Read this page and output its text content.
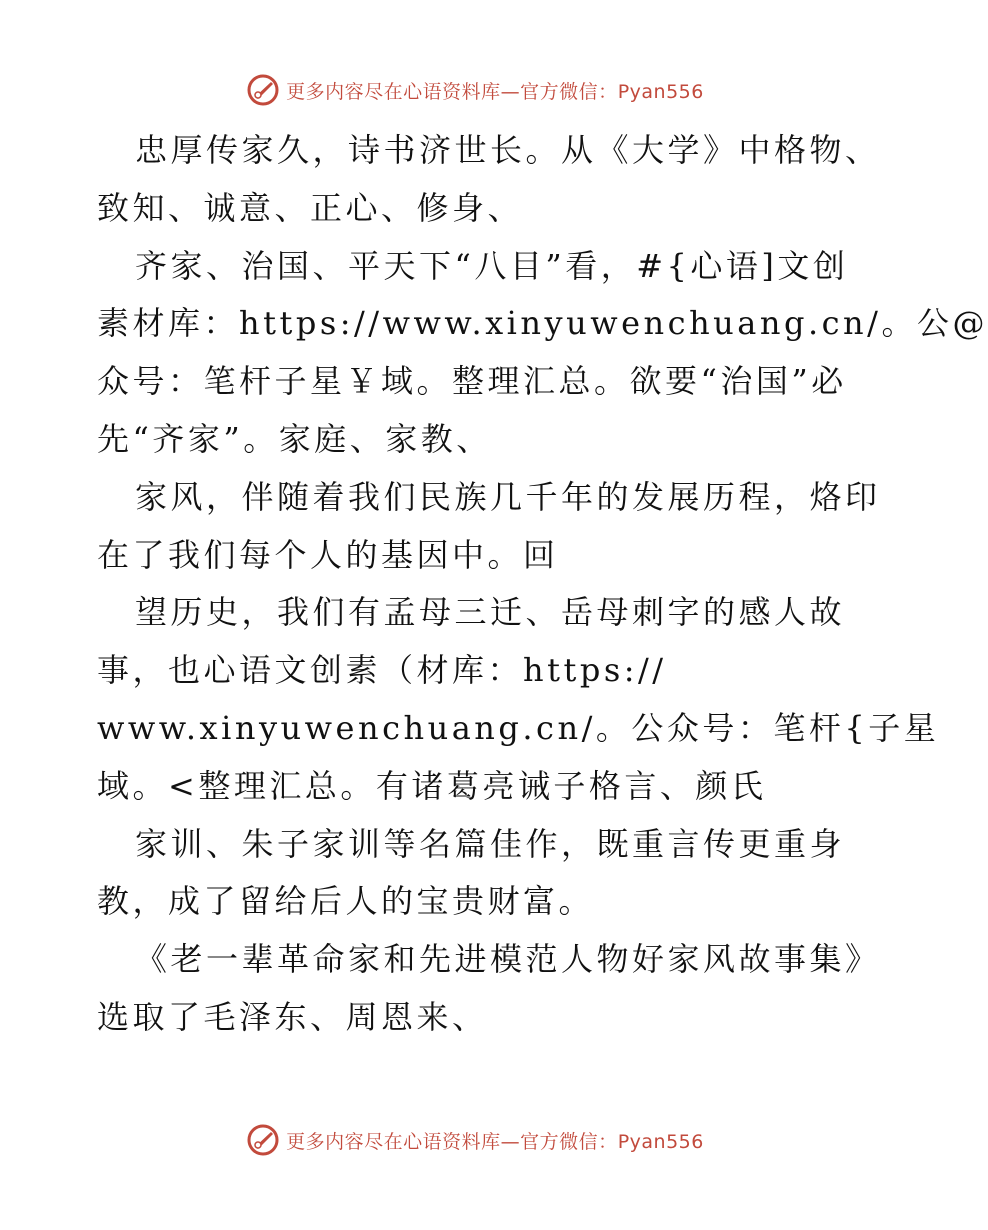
更多内容尽在心语资料库—官方微信：Pyan556
忠厚传家久，诗书济世长。从《大学》中格物、
致知、诚意、正心、修身、
齐家、治国、平天下“八目”看，#{心语]文创
素材库：https://www.xinyuwenchuang.cn/。公@
众号：笔杆子星￥域。整理汇总。欲要“治国”必
先“齐家”。家庭、家教、
家风，伴随着我们民族几千年的发展历程，烙印
在了我们每个人的基因中。回
望历史，我们有孟母三迁、岳母刺字的感人故
事，也心语文创素（材库：https://
www.xinyuwenchuang.cn/。公众号：笔杆{子星
域。<整理汇总。有诸葛亮诫子格言、颜氏
家训、朱子家训等名篇佳作，既重言传更重身
教，成了留给后人的宝贵财富。
《老一辈革命家和先进模范人物好家风故事集》
选取了毛泽东、周恩来、
更多内容尽在心语资料库—官方微信：Pyan556
